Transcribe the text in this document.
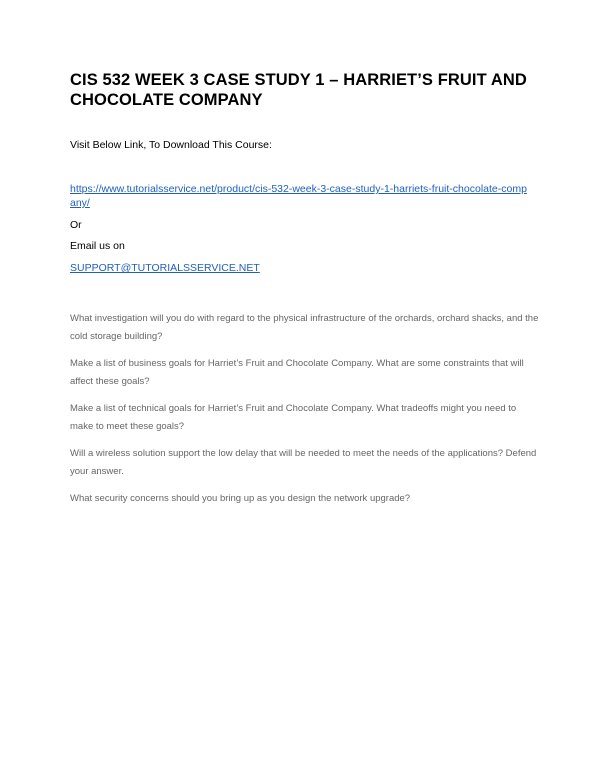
CIS 532 WEEK 3 CASE STUDY 1 – HARRIET’S FRUIT AND CHOCOLATE COMPANY

Visit Below Link, To Download This Course:

https://www.tutorialsservice.net/product/cis-532-week-3-case-study-1-harriets-fruit-chocolate-company/

Or

Email us on

SUPPORT@TUTORIALSSERVICE.NET
What investigation will you do with regard to the physical infrastructure of the orchards, orchard shacks, and the cold storage building?
Make a list of business goals for Harriet’s Fruit and Chocolate Company. What are some constraints that will affect these goals?
Make a list of technical goals for Harriet’s Fruit and Chocolate Company. What tradeoffs might you need to make to meet these goals?
Will a wireless solution support the low delay that will be needed to meet the needs of the applications? Defend your answer.
What security concerns should you bring up as you design the network upgrade?
